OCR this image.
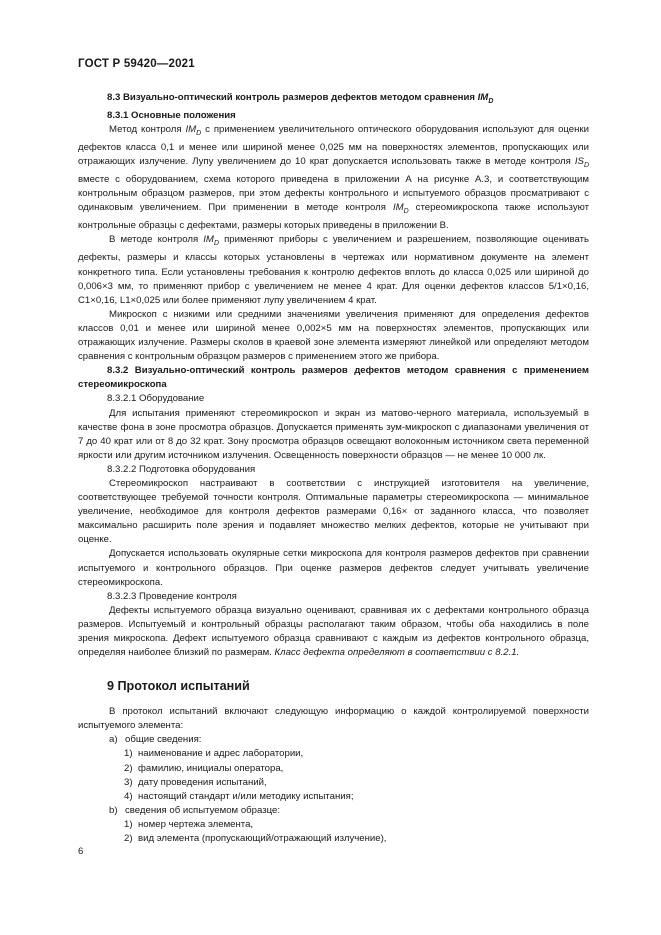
ГОСТ Р 59420—2021

8.3 Визуально-оптический контроль размеров дефектов методом сравнения $IM_D$

8.3.1 Основные положения

Метод контроля $IM_D$ с применением увеличительного оптического оборудования используют для оценки дефектов класса 0,1 и менее или шириной менее 0,025 мм на поверхностях элементов, пропускающих или отражающих излучение. Лупу увеличением до 10 крат допускается использовать также в методе контроля $IS_D$ вместе с оборудованием, схема которого приведена в приложении А на рисунке А.3, и соответствующим контрольным образцом размеров, при этом дефекты контрольного и испытуемого образцов просматривают с одинаковым увеличением. При применении в методе контроля $IM_D$ стереомикроскопа также используют контрольные образцы с дефектами, размеры которых приведены в приложении В.

В методе контроля $IM_D$ применяют приборы с увеличением и разрешением, позволяющие оценивать дефекты, размеры и классы которых установлены в чертежах или нормативном документе на элемент конкретного типа. Если установлены требования к контролю дефектов вплоть до класса 0,025 или шириной до 0,006×3 мм, то применяют прибор с увеличением не менее 4 крат. Для оценки дефектов классов 5/1×0,16, C1×0,16, L1×0,025 или более применяют лупу увеличением 4 крат.

Микроскоп с низкими или средними значениями увеличения применяют для определения дефектов классов 0,01 и менее или шириной менее 0,002×5 мм на поверхностях элементов, пропускающих или отражающих излучение. Размеры сколов в краевой зоне элемента измеряют линейкой или определяют методом сравнения с контрольным образцом размеров с применением этого же прибора.

8.3.2 Визуально-оптический контроль размеров дефектов методом сравнения с применением стереомикроскопа

8.3.2.1 Оборудование

Для испытания применяют стереомикроскоп и экран из матово-черного материала, используемый в качестве фона в зоне просмотра образцов. Допускается применять зум-микроскоп с диапазонами увеличения от 7 до 40 крат или от 8 до 32 крат. Зону просмотра образцов освещают волоконным источником света переменной яркости или другим источником излучения. Освещенность поверхности образцов — не менее 10 000 лк.

8.3.2.2 Подготовка оборудования

Стереомикроскоп настраивают в соответствии с инструкцией изготовителя на увеличение, соответствующее требуемой точности контроля. Оптимальные параметры стереомикроскопа — минимальное увеличение, необходимое для контроля дефектов размерами 0,16× от заданного класса, что позволяет максимально расширить поле зрения и подавляет множество мелких дефектов, которые не учитывают при оценке.

Допускается использовать окулярные сетки микроскопа для контроля размеров дефектов при сравнении испытуемого и контрольного образцов. При оценке размеров дефектов следует учитывать увеличение стереомикроскопа.

8.3.2.3 Проведение контроля

Дефекты испытуемого образца визуально оценивают, сравнивая их с дефектами контрольного образца размеров. Испытуемый и контрольный образцы располагают таким образом, чтобы оба находились в поле зрения микроскопа. Дефект испытуемого образца сравнивают с каждым из дефектов контрольного образца, определяя наиболее близкий по размерам. Класс дефекта определяют в соответствии с 8.2.1.

9 Протокол испытаний

В протокол испытаний включают следующую информацию о каждой контролируемой поверхности испытуемого элемента:

a) общие сведения:

1) наименование и адрес лаборатории,

2) фамилию, инициалы оператора,

3) дату проведения испытаний,

4) настоящий стандарт и/или методику испытания;

b) сведения об испытуемом образце:

1) номер чертежа элемента,

2) вид элемента (пропускающий/отражающий излучение),

6
